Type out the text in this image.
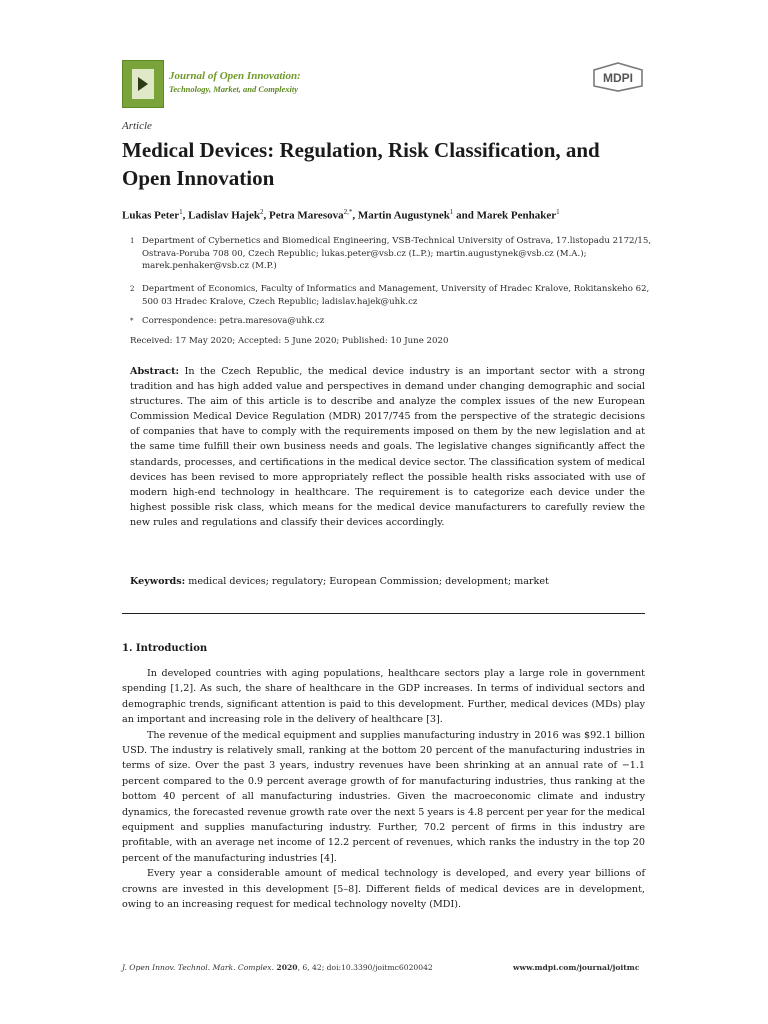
Journal of Open Innovation:
Technology, Market, and Complexity
MDPI
Article
Medical Devices: Regulation, Risk Classification, and Open Innovation
Lukas Peter$^1$, Ladislav Hajek$^2$, Petra Maresova$^{2,*}$, Martin Augustynek$^1$ and Marek Penhaker$^1$
1 Department of Cybernetics and Biomedical Engineering, VSB-Technical University of Ostrava, 17.listopadu 2172/15, Ostrava-Poruba 708 00, Czech Republic; lukas.peter@vsb.cz (L.P.); martin.augustynek@vsb.cz (M.A.); marek.penhaker@vsb.cz (M.P.)
2 Department of Economics, Faculty of Informatics and Management, University of Hradec Kralove, Rokitanskeho 62, 500 03 Hradec Kralove, Czech Republic; ladislav.hajek@uhk.cz
* Correspondence: petra.maresova@uhk.cz
Received: 17 May 2020; Accepted: 5 June 2020; Published: 10 June 2020
Abstract: In the Czech Republic, the medical device industry is an important sector with a strong tradition and has high added value and perspectives in demand under changing demographic and social structures. The aim of this article is to describe and analyze the complex issues of the new European Commission Medical Device Regulation (MDR) 2017/745 from the perspective of the strategic decisions of companies that have to comply with the requirements imposed on them by the new legislation and at the same time fulfill their own business needs and goals. The legislative changes significantly affect the standards, processes, and certifications in the medical device sector. The classification system of medical devices has been revised to more appropriately reflect the possible health risks associated with use of modern high-end technology in healthcare. The requirement is to categorize each device under the highest possible risk class, which means for the medical device manufacturers to carefully review the new rules and regulations and classify their devices accordingly.
Keywords: medical devices; regulatory; European Commission; development; market
1. Introduction

In developed countries with aging populations, healthcare sectors play a large role in government spending [1,2]. As such, the share of healthcare in the GDP increases. In terms of individual sectors and demographic trends, significant attention is paid to this development. Further, medical devices (MDs) play an important and increasing role in the delivery of healthcare [3].

The revenue of the medical equipment and supplies manufacturing industry in 2016 was $92.1 billion USD. The industry is relatively small, ranking at the bottom 20 percent of the manufacturing industries in terms of size. Over the past 3 years, industry revenues have been shrinking at an annual rate of −1.1 percent compared to the 0.9 percent average growth of for manufacturing industries, thus ranking at the bottom 40 percent of all manufacturing industries. Given the macroeconomic climate and industry dynamics, the forecasted revenue growth rate over the next 5 years is 4.8 percent per year for the medical equipment and supplies manufacturing industry. Further, 70.2 percent of firms in this industry are profitable, with an average net income of 12.2 percent of revenues, which ranks the industry in the top 20 percent of the manufacturing industries [4].

Every year a considerable amount of medical technology is developed, and every year billions of crowns are invested in this development [5–8]. Different fields of medical devices are in development, owing to an increasing request for medical technology novelty (MDI).

J. Open Innov. Technol. Mark. Complex. 2020, 6, 42; doi:10.3390/joitmc6020042	www.mdpi.com/journal/joitmc
